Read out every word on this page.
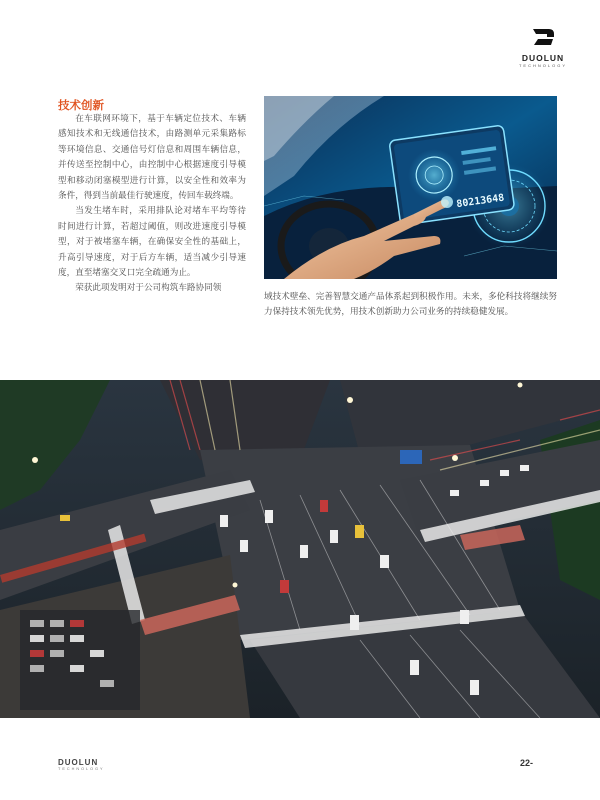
DUOLUN
TECHNOLOGY
技术创新

在车联网环境下，基于车辆定位技术、车辆感知技术和无线通信技术，由路测单元采集路标等环境信息、交通信号灯信息和周围车辆信息，并传送至控制中心，由控制中心根据速度引导模型和移动闭塞模型进行计算，以安全性和效率为条件，得到当前最佳行驶速度，传回车载终端。

当发生堵车时，采用排队论对堵车平均等待时间进行计算，若超过阈值，则改进速度引导模型，对于被堵塞车辆，在确保安全性的基础上，升高引导速度，对于后方车辆，适当减少引导速度，直至堵塞交叉口完全疏通为止。

荣获此项发明对于公司构筑车路协同领

80213648

域技术壁垒、完善智慧交通产品体系起到积极作用。未来，多伦科技将继续努力保持技术领先优势，用技术创新助力公司业务的持续稳健发展。

DUOLUN
TECHNOLOGY
22-
